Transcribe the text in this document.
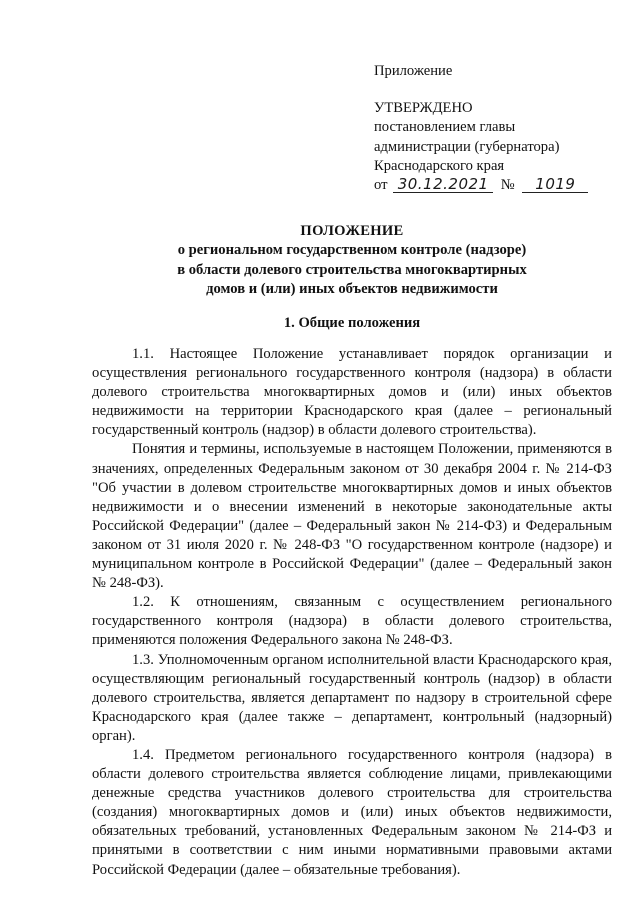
Приложение
УТВЕРЖДЕНО
постановлением главы
администрации (губернатора)
Краснодарского края
от 30.12.2021 № 1019
ПОЛОЖЕНИЕ
о региональном государственном контроле (надзоре)
в области долевого строительства многоквартирных
домов и (или) иных объектов недвижимости
1. Общие положения

1.1. Настоящее Положение устанавливает порядок организации и осуществления регионального государственного контроля (надзора) в области долевого строительства многоквартирных домов и (или) иных объектов недвижимости на территории Краснодарского края (далее – региональный государственный контроль (надзор) в области долевого строительства).

Понятия и термины, используемые в настоящем Положении, применяются в значениях, определенных Федеральным законом от 30 декабря 2004 г. № 214-ФЗ "Об участии в долевом строительстве многоквартирных домов и иных объектов недвижимости и о внесении изменений в некоторые законодательные акты Российской Федерации" (далее – Федеральный закон № 214-ФЗ) и Федеральным законом от 31 июля 2020 г. № 248-ФЗ "О государственном контроле (надзоре) и муниципальном контроле в Российской Федерации" (далее – Федеральный закон № 248-ФЗ).

1.2. К отношениям, связанным с осуществлением регионального государственного контроля (надзора) в области долевого строительства, применяются положения Федерального закона № 248-ФЗ.

1.3. Уполномоченным органом исполнительной власти Краснодарского края, осуществляющим региональный государственный контроль (надзор) в области долевого строительства, является департамент по надзору в строительной сфере Краснодарского края (далее также – департамент, контрольный (надзорный) орган).

1.4. Предметом регионального государственного контроля (надзора) в области долевого строительства является соблюдение лицами, привлекающими денежные средства участников долевого строительства для строительства (создания) многоквартирных домов и (или) иных объектов недвижимости, обязательных требований, установленных Федеральным законом № 214-ФЗ и принятыми в соответствии с ним иными нормативными правовыми актами Российской Федерации (далее – обязательные требования).
